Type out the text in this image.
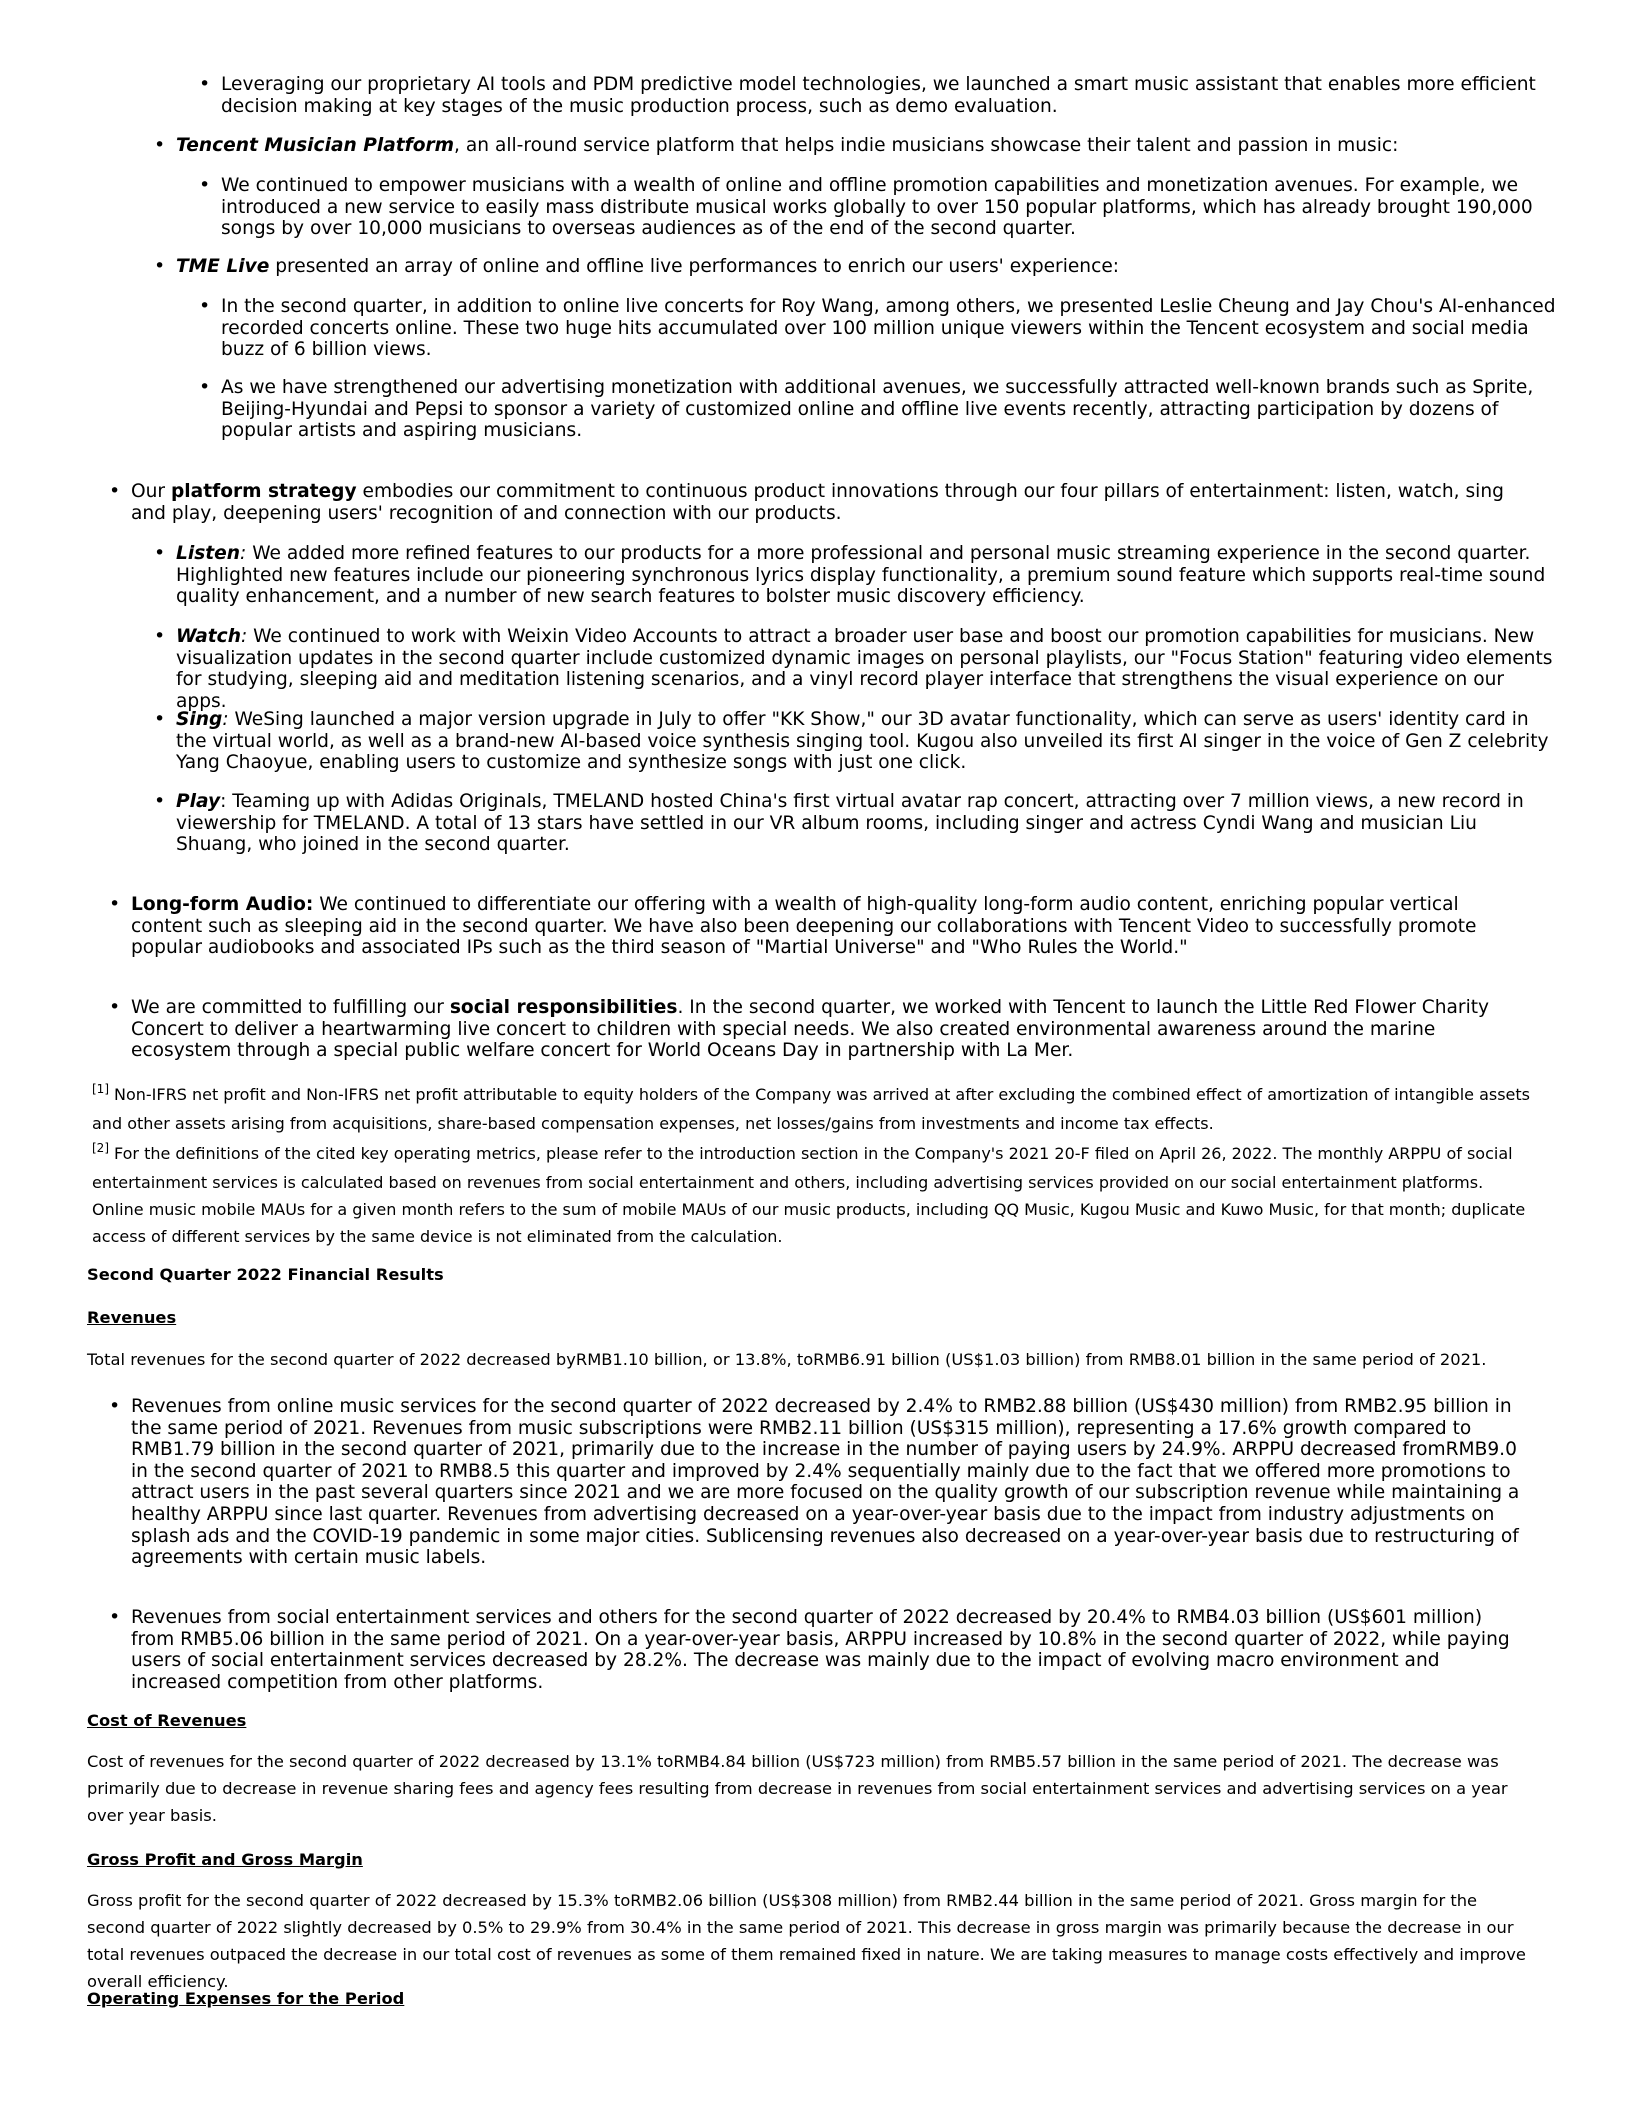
• Leveraging our proprietary AI tools and PDM predictive model technologies, we launched a smart music assistant that enables more efficient decision making at key stages of the music production process, such as demo evaluation.
• Tencent Musician Platform, an all-round service platform that helps indie musicians showcase their talent and passion in music:
• We continued to empower musicians with a wealth of online and offline promotion capabilities and monetization avenues. For example, we introduced a new service to easily mass distribute musical works globally to over 150 popular platforms, which has already brought 190,000 songs by over 10,000 musicians to overseas audiences as of the end of the second quarter.
• TME Live presented an array of online and offline live performances to enrich our users' experience:
• In the second quarter, in addition to online live concerts for Roy Wang, among others, we presented Leslie Cheung and Jay Chou's AI-enhanced recorded concerts online. These two huge hits accumulated over 100 million unique viewers within the Tencent ecosystem and social media buzz of 6 billion views.
• As we have strengthened our advertising monetization with additional avenues, we successfully attracted well-known brands such as Sprite, Beijing-Hyundai and Pepsi to sponsor a variety of customized online and offline live events recently, attracting participation by dozens of popular artists and aspiring musicians.
• Our platform strategy embodies our commitment to continuous product innovations through our four pillars of entertainment: listen, watch, sing and play, deepening users' recognition of and connection with our products.
• Listen: We added more refined features to our products for a more professional and personal music streaming experience in the second quarter. Highlighted new features include our pioneering synchronous lyrics display functionality, a premium sound feature which supports real-time sound quality enhancement, and a number of new search features to bolster music discovery efficiency.
• Watch: We continued to work with Weixin Video Accounts to attract a broader user base and boost our promotion capabilities for musicians. New visualization updates in the second quarter include customized dynamic images on personal playlists, our "Focus Station" featuring video elements for studying, sleeping aid and meditation listening scenarios, and a vinyl record player interface that strengthens the visual experience on our apps.
• Sing: WeSing launched a major version upgrade in July to offer "KK Show," our 3D avatar functionality, which can serve as users' identity card in the virtual world, as well as a brand-new AI-based voice synthesis singing tool. Kugou also unveiled its first AI singer in the voice of Gen Z celebrity Yang Chaoyue, enabling users to customize and synthesize songs with just one click.
• Play: Teaming up with Adidas Originals, TMELAND hosted China's first virtual avatar rap concert, attracting over 7 million views, a new record in viewership for TMELAND. A total of 13 stars have settled in our VR album rooms, including singer and actress Cyndi Wang and musician Liu Shuang, who joined in the second quarter.
• Long-form Audio: We continued to differentiate our offering with a wealth of high-quality long-form audio content, enriching popular vertical content such as sleeping aid in the second quarter. We have also been deepening our collaborations with Tencent Video to successfully promote popular audiobooks and associated IPs such as the third season of "Martial Universe" and "Who Rules the World."
• We are committed to fulfilling our social responsibilities. In the second quarter, we worked with Tencent to launch the Little Red Flower Charity Concert to deliver a heartwarming live concert to children with special needs. We also created environmental awareness around the marine ecosystem through a special public welfare concert for World Oceans Day in partnership with La Mer.
[1] Non-IFRS net profit and Non-IFRS net profit attributable to equity holders of the Company was arrived at after excluding the combined effect of amortization of intangible assets and other assets arising from acquisitions, share-based compensation expenses, net losses/gains from investments and income tax effects.
[2] For the definitions of the cited key operating metrics, please refer to the introduction section in the Company's 2021 20-F filed on April 26, 2022. The monthly ARPPU of social entertainment services is calculated based on revenues from social entertainment and others, including advertising services provided on our social entertainment platforms. Online music mobile MAUs for a given month refers to the sum of mobile MAUs of our music products, including QQ Music, Kugou Music and Kuwo Music, for that month; duplicate access of different services by the same device is not eliminated from the calculation.
Second Quarter 2022 Financial Results
Revenues
Total revenues for the second quarter of 2022 decreased byRMB1.10 billion, or 13.8%, toRMB6.91 billion (US$1.03 billion) from RMB8.01 billion in the same period of 2021.
• Revenues from online music services for the second quarter of 2022 decreased by 2.4% to RMB2.88 billion (US$430 million) from RMB2.95 billion in the same period of 2021. Revenues from music subscriptions were RMB2.11 billion (US$315 million), representing a 17.6% growth compared to RMB1.79 billion in the second quarter of 2021, primarily due to the increase in the number of paying users by 24.9%. ARPPU decreased fromRMB9.0 in the second quarter of 2021 to RMB8.5 this quarter and improved by 2.4% sequentially mainly due to the fact that we offered more promotions to attract users in the past several quarters since 2021 and we are more focused on the quality growth of our subscription revenue while maintaining a healthy ARPPU since last quarter. Revenues from advertising decreased on a year-over-year basis due to the impact from industry adjustments on splash ads and the COVID-19 pandemic in some major cities. Sublicensing revenues also decreased on a year-over-year basis due to restructuring of agreements with certain music labels.
• Revenues from social entertainment services and others for the second quarter of 2022 decreased by 20.4% to RMB4.03 billion (US$601 million) from RMB5.06 billion in the same period of 2021. On a year-over-year basis, ARPPU increased by 10.8% in the second quarter of 2022, while paying users of social entertainment services decreased by 28.2%. The decrease was mainly due to the impact of evolving macro environment and increased competition from other platforms.
Cost of Revenues
Cost of revenues for the second quarter of 2022 decreased by 13.1% toRMB4.84 billion (US$723 million) from RMB5.57 billion in the same period of 2021. The decrease was primarily due to decrease in revenue sharing fees and agency fees resulting from decrease in revenues from social entertainment services and advertising services on a year over year basis.
Gross Profit and Gross Margin
Gross profit for the second quarter of 2022 decreased by 15.3% toRMB2.06 billion (US$308 million) from RMB2.44 billion in the same period of 2021. Gross margin for the second quarter of 2022 slightly decreased by 0.5% to 29.9% from 30.4% in the same period of 2021. This decrease in gross margin was primarily because the decrease in our total revenues outpaced the decrease in our total cost of revenues as some of them remained fixed in nature. We are taking measures to manage costs effectively and improve overall efficiency.
Operating Expenses for the Period
